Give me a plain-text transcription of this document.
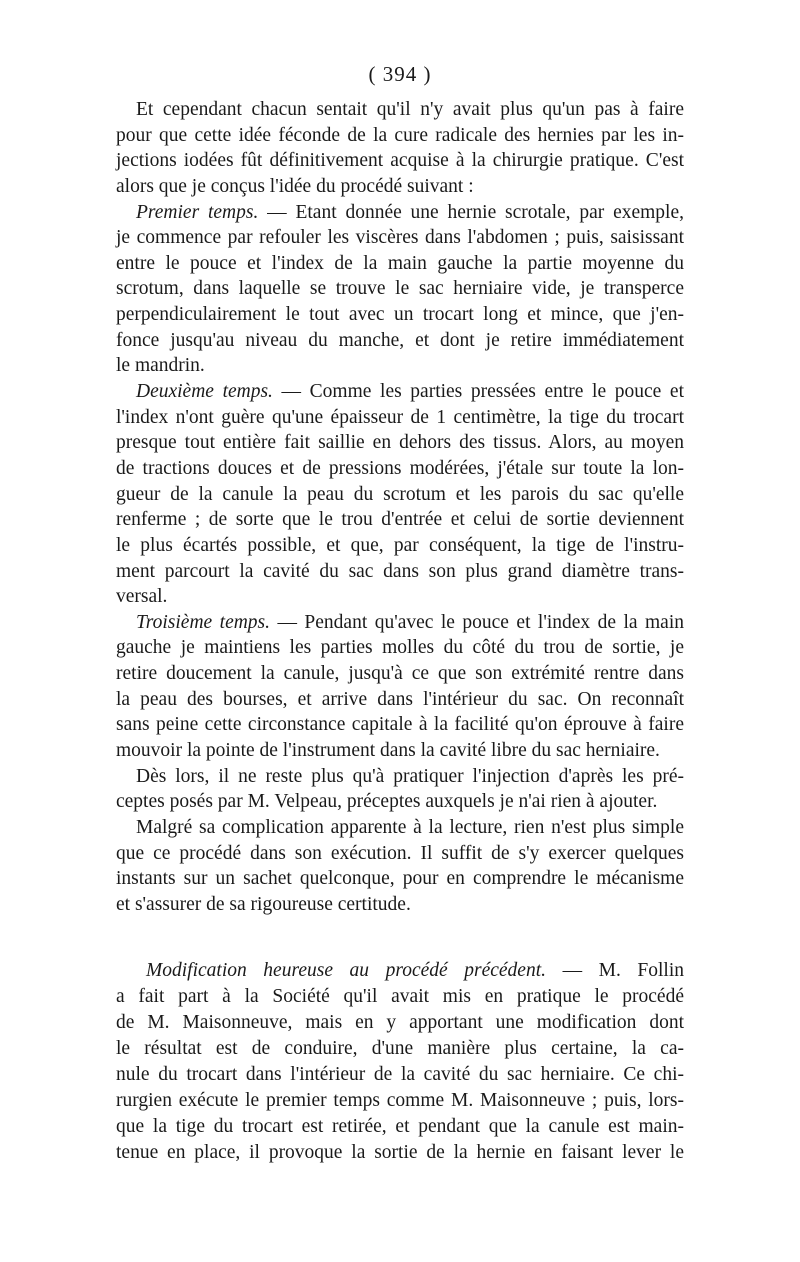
( 394 )
Et cependant chacun sentait qu'il n'y avait plus qu'un pas à faire
pour que cette idée féconde de la cure radicale des hernies par les in-
jections iodées fût définitivement acquise à la chirurgie pratique. C'est
alors que je conçus l'idée du procédé suivant :
Premier temps. — Etant donnée une hernie scrotale, par exemple,
je commence par refouler les viscères dans l'abdomen ; puis, saisissant
entre le pouce et l'index de la main gauche la partie moyenne du
scrotum, dans laquelle se trouve le sac herniaire vide, je transperce
perpendiculairement le tout avec un trocart long et mince, que j'en-
fonce jusqu'au niveau du manche, et dont je retire immédiatement
le mandrin.
Deuxième temps. — Comme les parties pressées entre le pouce et
l'index n'ont guère qu'une épaisseur de 1 centimètre, la tige du trocart
presque tout entière fait saillie en dehors des tissus. Alors, au moyen
de tractions douces et de pressions modérées, j'étale sur toute la lon-
gueur de la canule la peau du scrotum et les parois du sac qu'elle
renferme ; de sorte que le trou d'entrée et celui de sortie deviennent
le plus écartés possible, et que, par conséquent, la tige de l'instru-
ment parcourt la cavité du sac dans son plus grand diamètre trans-
versal.
Troisième temps. — Pendant qu'avec le pouce et l'index de la main
gauche je maintiens les parties molles du côté du trou de sortie, je
retire doucement la canule, jusqu'à ce que son extrémité rentre dans
la peau des bourses, et arrive dans l'intérieur du sac. On reconnaît
sans peine cette circonstance capitale à la facilité qu'on éprouve à faire
mouvoir la pointe de l'instrument dans la cavité libre du sac herniaire.
Dès lors, il ne reste plus qu'à pratiquer l'injection d'après les pré-
ceptes posés par M. Velpeau, préceptes auxquels je n'ai rien à ajouter.
Malgré sa complication apparente à la lecture, rien n'est plus simple
que ce procédé dans son exécution. Il suffit de s'y exercer quelques
instants sur un sachet quelconque, pour en comprendre le mécanisme
et s'assurer de sa rigoureuse certitude.
Modification heureuse au procédé précédent. — M. Follin
a fait part à la Société qu'il avait mis en pratique le procédé
de M. Maisonneuve, mais en y apportant une modification dont
le résultat est de conduire, d'une manière plus certaine, la ca-
nule du trocart dans l'intérieur de la cavité du sac herniaire. Ce chi-
rurgien exécute le premier temps comme M. Maisonneuve ; puis, lors-
que la tige du trocart est retirée, et pendant que la canule est main-
tenue en place, il provoque la sortie de la hernie en faisant lever le
